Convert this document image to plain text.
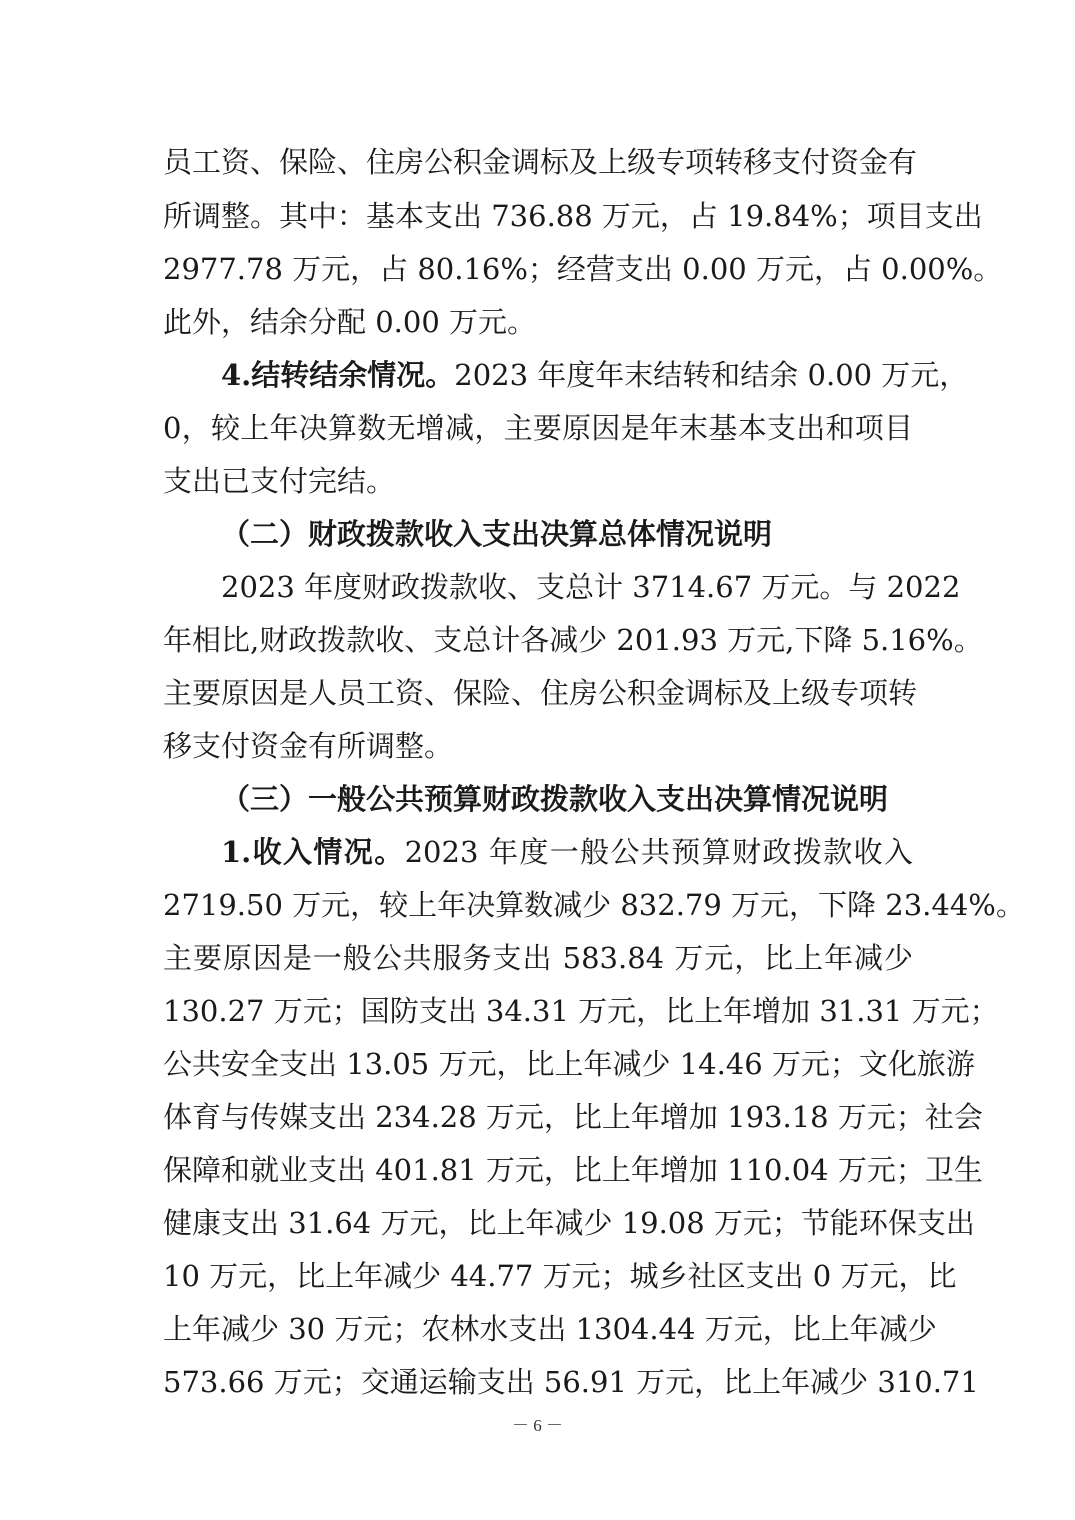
员工资、保险、住房公积金调标及上级专项转移支付资金有
所调整。其中：基本支出 736.88 万元，占 19.84%；项目支出
2977.78 万元，占 80.16%；经营支出 0.00 万元，占 0.00%。
此外，结余分配 0.00 万元。
4.结转结余情况。2023 年度年末结转和结余 0.00 万元，
0，较上年决算数无增减，主要原因是年末基本支出和项目
支出已支付完结。
（二）财政拨款收入支出决算总体情况说明
2023 年度财政拨款收、支总计 3714.67 万元。与 2022
年相比,财政拨款收、支总计各减少 201.93 万元,下降 5.16%。
主要原因是人员工资、保险、住房公积金调标及上级专项转
移支付资金有所调整。
（三）一般公共预算财政拨款收入支出决算情况说明
1.收入情况。2023 年度一般公共预算财政拨款收入
2719.50 万元，较上年决算数减少 832.79 万元，下降 23.44%。
主要原因是一般公共服务支出 583.84 万元，比上年减少
130.27 万元；国防支出 34.31 万元，比上年增加 31.31 万元；
公共安全支出 13.05 万元，比上年减少 14.46 万元；文化旅游
体育与传媒支出 234.28 万元，比上年增加 193.18 万元；社会
保障和就业支出 401.81 万元，比上年增加 110.04 万元；卫生
健康支出 31.64 万元，比上年减少 19.08 万元；节能环保支出
10 万元，比上年减少 44.77 万元；城乡社区支出 0 万元，比
上年减少 30 万元；农林水支出 1304.44 万元，比上年减少
573.66 万元；交通运输支出 56.91 万元，比上年减少 310.71
－ 6 －
